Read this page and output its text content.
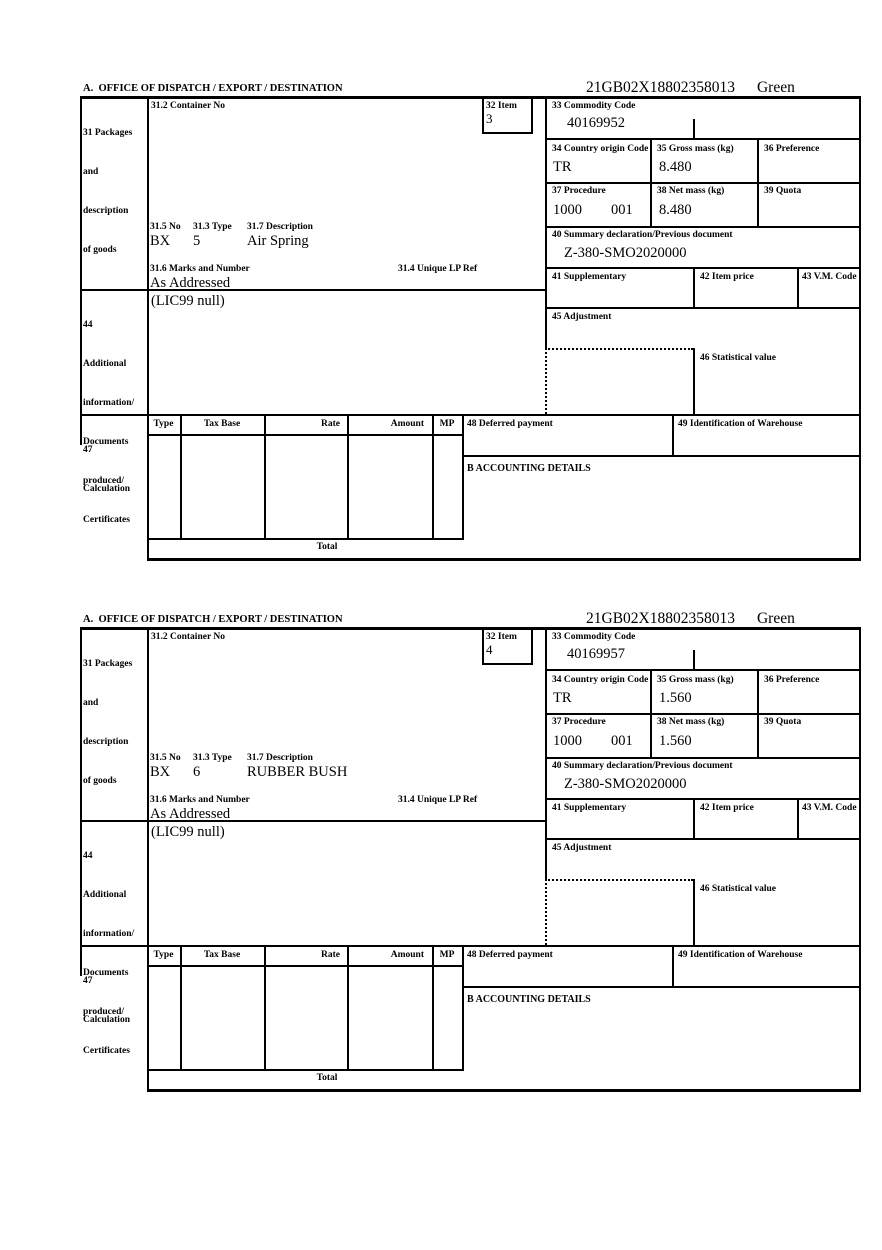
A.  OFFICE OF DISPATCH / EXPORT / DESTINATION	21GB02X18802358013 Green

31 Packages

and

description

of goods

44

Additional

information/

Documents

produced/

Certificates

47

Calculation

31.2 Container No	32 Item
3
31.5 No 31.3 Type 31.7 Description
BX 5	Air Spring
31.6 Marks and Number	31.4 Unique LP Ref
As Addressed
(LIC99 null)
33 Commodity Code
40169952
34 Country origin Code
TR
35 Gross mass (kg)
8.480
36 Preference
37 Procedure
1000 001
38 Net mass (kg)
8.480
39 Quota
40 Summary declaration/Previous document
Z-380-SMO2020000
41 Supplementary	42 Item price	43 V.M. Code
45 Adjustment
46 Statistical value
Type	Tax Base	Rate	Amount	MP	48 Deferred payment	49 Identification of Warehouse
B ACCOUNTING DETAILS
Total
A.  OFFICE OF DISPATCH / EXPORT / DESTINATION	21GB02X18802358013 Green

31 Packages

and

description

of goods

44

Additional

information/

Documents

produced/

Certificates

47

Calculation

31.2 Container No	32 Item
4
31.5 No 31.3 Type 31.7 Description
BX 6	RUBBER BUSH
31.6 Marks and Number	31.4 Unique LP Ref
As Addressed
(LIC99 null)
33 Commodity Code
40169957
34 Country origin Code
TR
35 Gross mass (kg)
1.560
36 Preference
37 Procedure
1000 001
38 Net mass (kg)
1.560
39 Quota
40 Summary declaration/Previous document
Z-380-SMO2020000
41 Supplementary	42 Item price	43 V.M. Code
45 Adjustment
46 Statistical value
Type	Tax Base	Rate	Amount	MP	48 Deferred payment	49 Identification of Warehouse
B ACCOUNTING DETAILS
Total
